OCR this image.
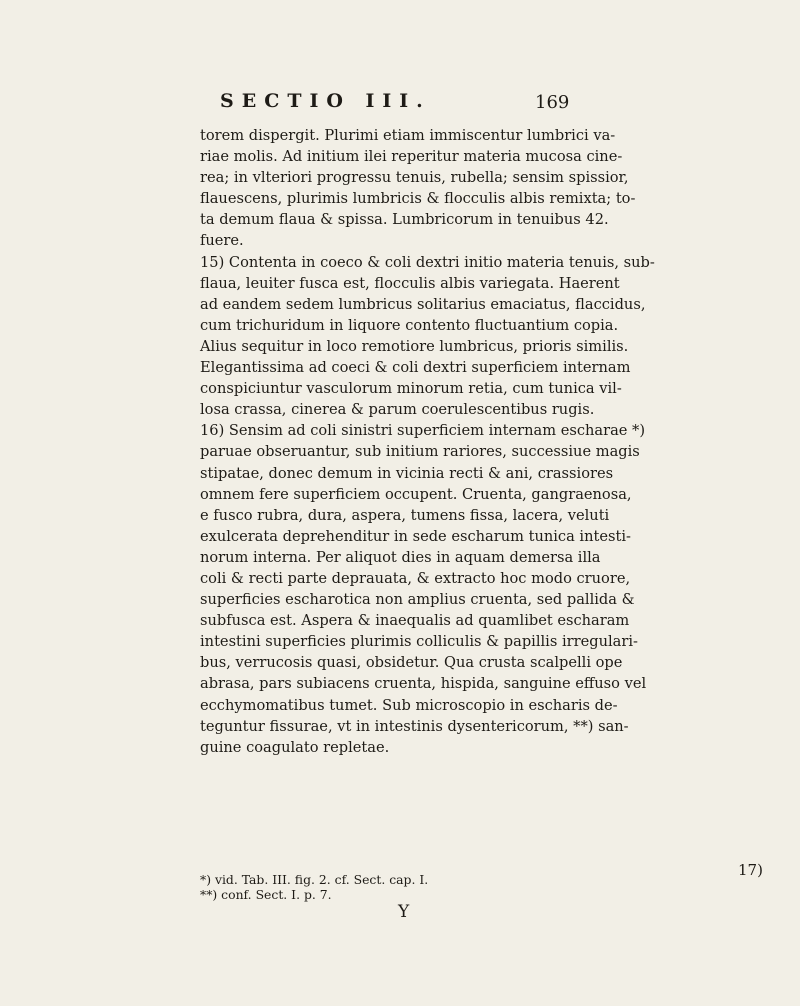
SECTIO III.	169
torem dispergit. Plurimi etiam immiscentur lumbrici va-
riae molis. Ad initium ilei reperitur materia mucosa cine-
rea; in vlteriori progressu tenuis, rubella; sensim spissior,
flauescens, plurimis lumbricis & flocculis albis remixta; to-
ta demum flaua & spissa. Lumbricorum in tenuibus 42.
fuere.
15) Contenta in coeco & coli dextri initio materia tenuis, sub-
flaua, leuiter fusca est, flocculis albis variegata. Haerent
ad eandem sedem lumbricus solitarius emaciatus, flaccidus,
cum trichuridum in liquore contento fluctuantium copia.
Alius sequitur in loco remotiore lumbricus, prioris similis.
Elegantissima ad coeci & coli dextri superficiem internam
conspiciuntur vasculorum minorum retia, cum tunica vil-
losa crassa, cinerea & parum coerulescentibus rugis.
16) Sensim ad coli sinistri superficiem internam escharae *)
paruae obseruantur, sub initium rariores, successiue magis
stipatae, donec demum in vicinia recti & ani, crassiores
omnem fere superficiem occupent. Cruenta, gangraenosa,
e fusco rubra, dura, aspera, tumens fissa, lacera, veluti
exulcerata deprehenditur in sede escharum tunica intesti-
norum interna. Per aliquot dies in aquam demersa illa
coli & recti parte deprauata, & extracto hoc modo cruore,
superficies escharotica non amplius cruenta, sed pallida &
subfusca est. Aspera & inaequalis ad quamlibet escharam
intestini superficies plurimis colliculis & papillis irregulari-
bus, verrucosis quasi, obsidetur. Qua crusta scalpelli ope
abrasa, pars subiacens cruenta, hispida, sanguine effuso vel
ecchymomatibus tumet. Sub microscopio in escharis de-
teguntur fissurae, vt in intestinis dysentericorum, **) san-
guine coagulato repletae.
17)
*) vid. Tab. III. fig. 2. cf. Sect. cap. I.
**) conf. Sect. I. p. 7.
Y
